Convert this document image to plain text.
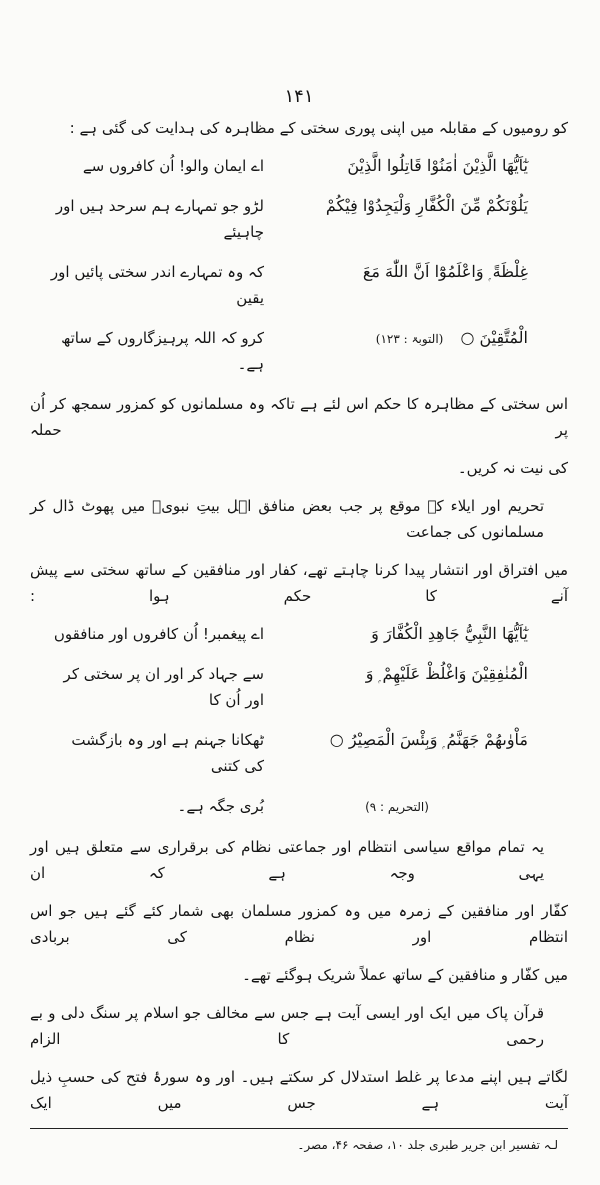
۱۴۱
کو رومیوں کے مقابلہ میں اپنی پوری سختی کے مظاہرہ کی ہدایت کی گئی ہے :
يٰٓاَيُّهَا الَّذِيْنَ اٰمَنُوْا قَاتِلُوا الَّذِيْنَ
اے ایمان والو! اُن کافروں سے
يَلُوْنَكُمْ مِّنَ الْكُفَّارِ وَلْيَجِدُوْا فِيْكُمْ
لڑو جو تمہارے ہم سرحد ہیں اور چاہیئے
غِلْظَةً ۭ وَاعْلَمُوْٓا اَنَّ اللّٰهَ مَعَ
کہ وہ تمہارے اندر سختی پائیں اور یقین
الْمُتَّقِيْنَ ○ (التوبۃ : ۱۲۳)
کرو کہ اللہ پرہیزگاروں کے ساتھ ہے۔
اس سختی کے مظاہرہ کا حکم اس لئے ہے تاکہ وہ مسلمانوں کو کمزور سمجھ کر اُن پر حملہ
کی نیت نہ کریں۔
تحریم اور ایلاء کے موقع پر جب بعض منافق اہل بیتِ نبویؐ میں پھوٹ ڈال کر مسلمانوں کی جماعت
میں افتراق اور انتشار پیدا کرنا چاہتے تھے، کفار اور منافقین کے ساتھ سختی سے پیش آنے کا حکم ہوا :
يٰٓاَيُّهَا النَّبِيُّ جَاهِدِ الْكُفَّارَ وَ
اے پیغمبر! اُن کافروں اور منافقوں
الْمُنٰفِقِيْنَ وَاغْلُظْ عَلَيْهِمْ ۭ وَ
سے جہاد کر اور ان پر سختی کر اور اُن کا
مَاْوٰىهُمْ جَهَنَّمُ ۭ وَبِئْسَ الْمَصِيْرُ ○
ٹھکانا جہنم ہے اور وہ بازگشت کی کتنی
(التحریم : ۹)
بُری جگہ ہے۔
یہ تمام مواقع سیاسی انتظام اور جماعتی نظام کی برقراری سے متعلق ہیں اور یہی وجہ ہے کہ ان
کفّار اور منافقین کے زمرہ میں وہ کمزور مسلمان بھی شمار کئے گئے ہیں جو اس انتظام اور نظام کی بربادی
میں کفّار و منافقین کے ساتھ عملاً شریک ہوگئے تھے۔
قرآن پاک میں ایک اور ایسی آیت ہے جس سے مخالف جو اسلام پر سنگ دلی و بے رحمی کا الزام
لگاتے ہیں اپنے مدعا پر غلط استدلال کر سکتے ہیں۔ اور وہ سورۂ فتح کی حسبِ ذیل آیت ہے جس میں ایک
لـہ تفسیر ابن جریر طبری جلد ۱۰، صفحہ ۴۶، مصر۔
